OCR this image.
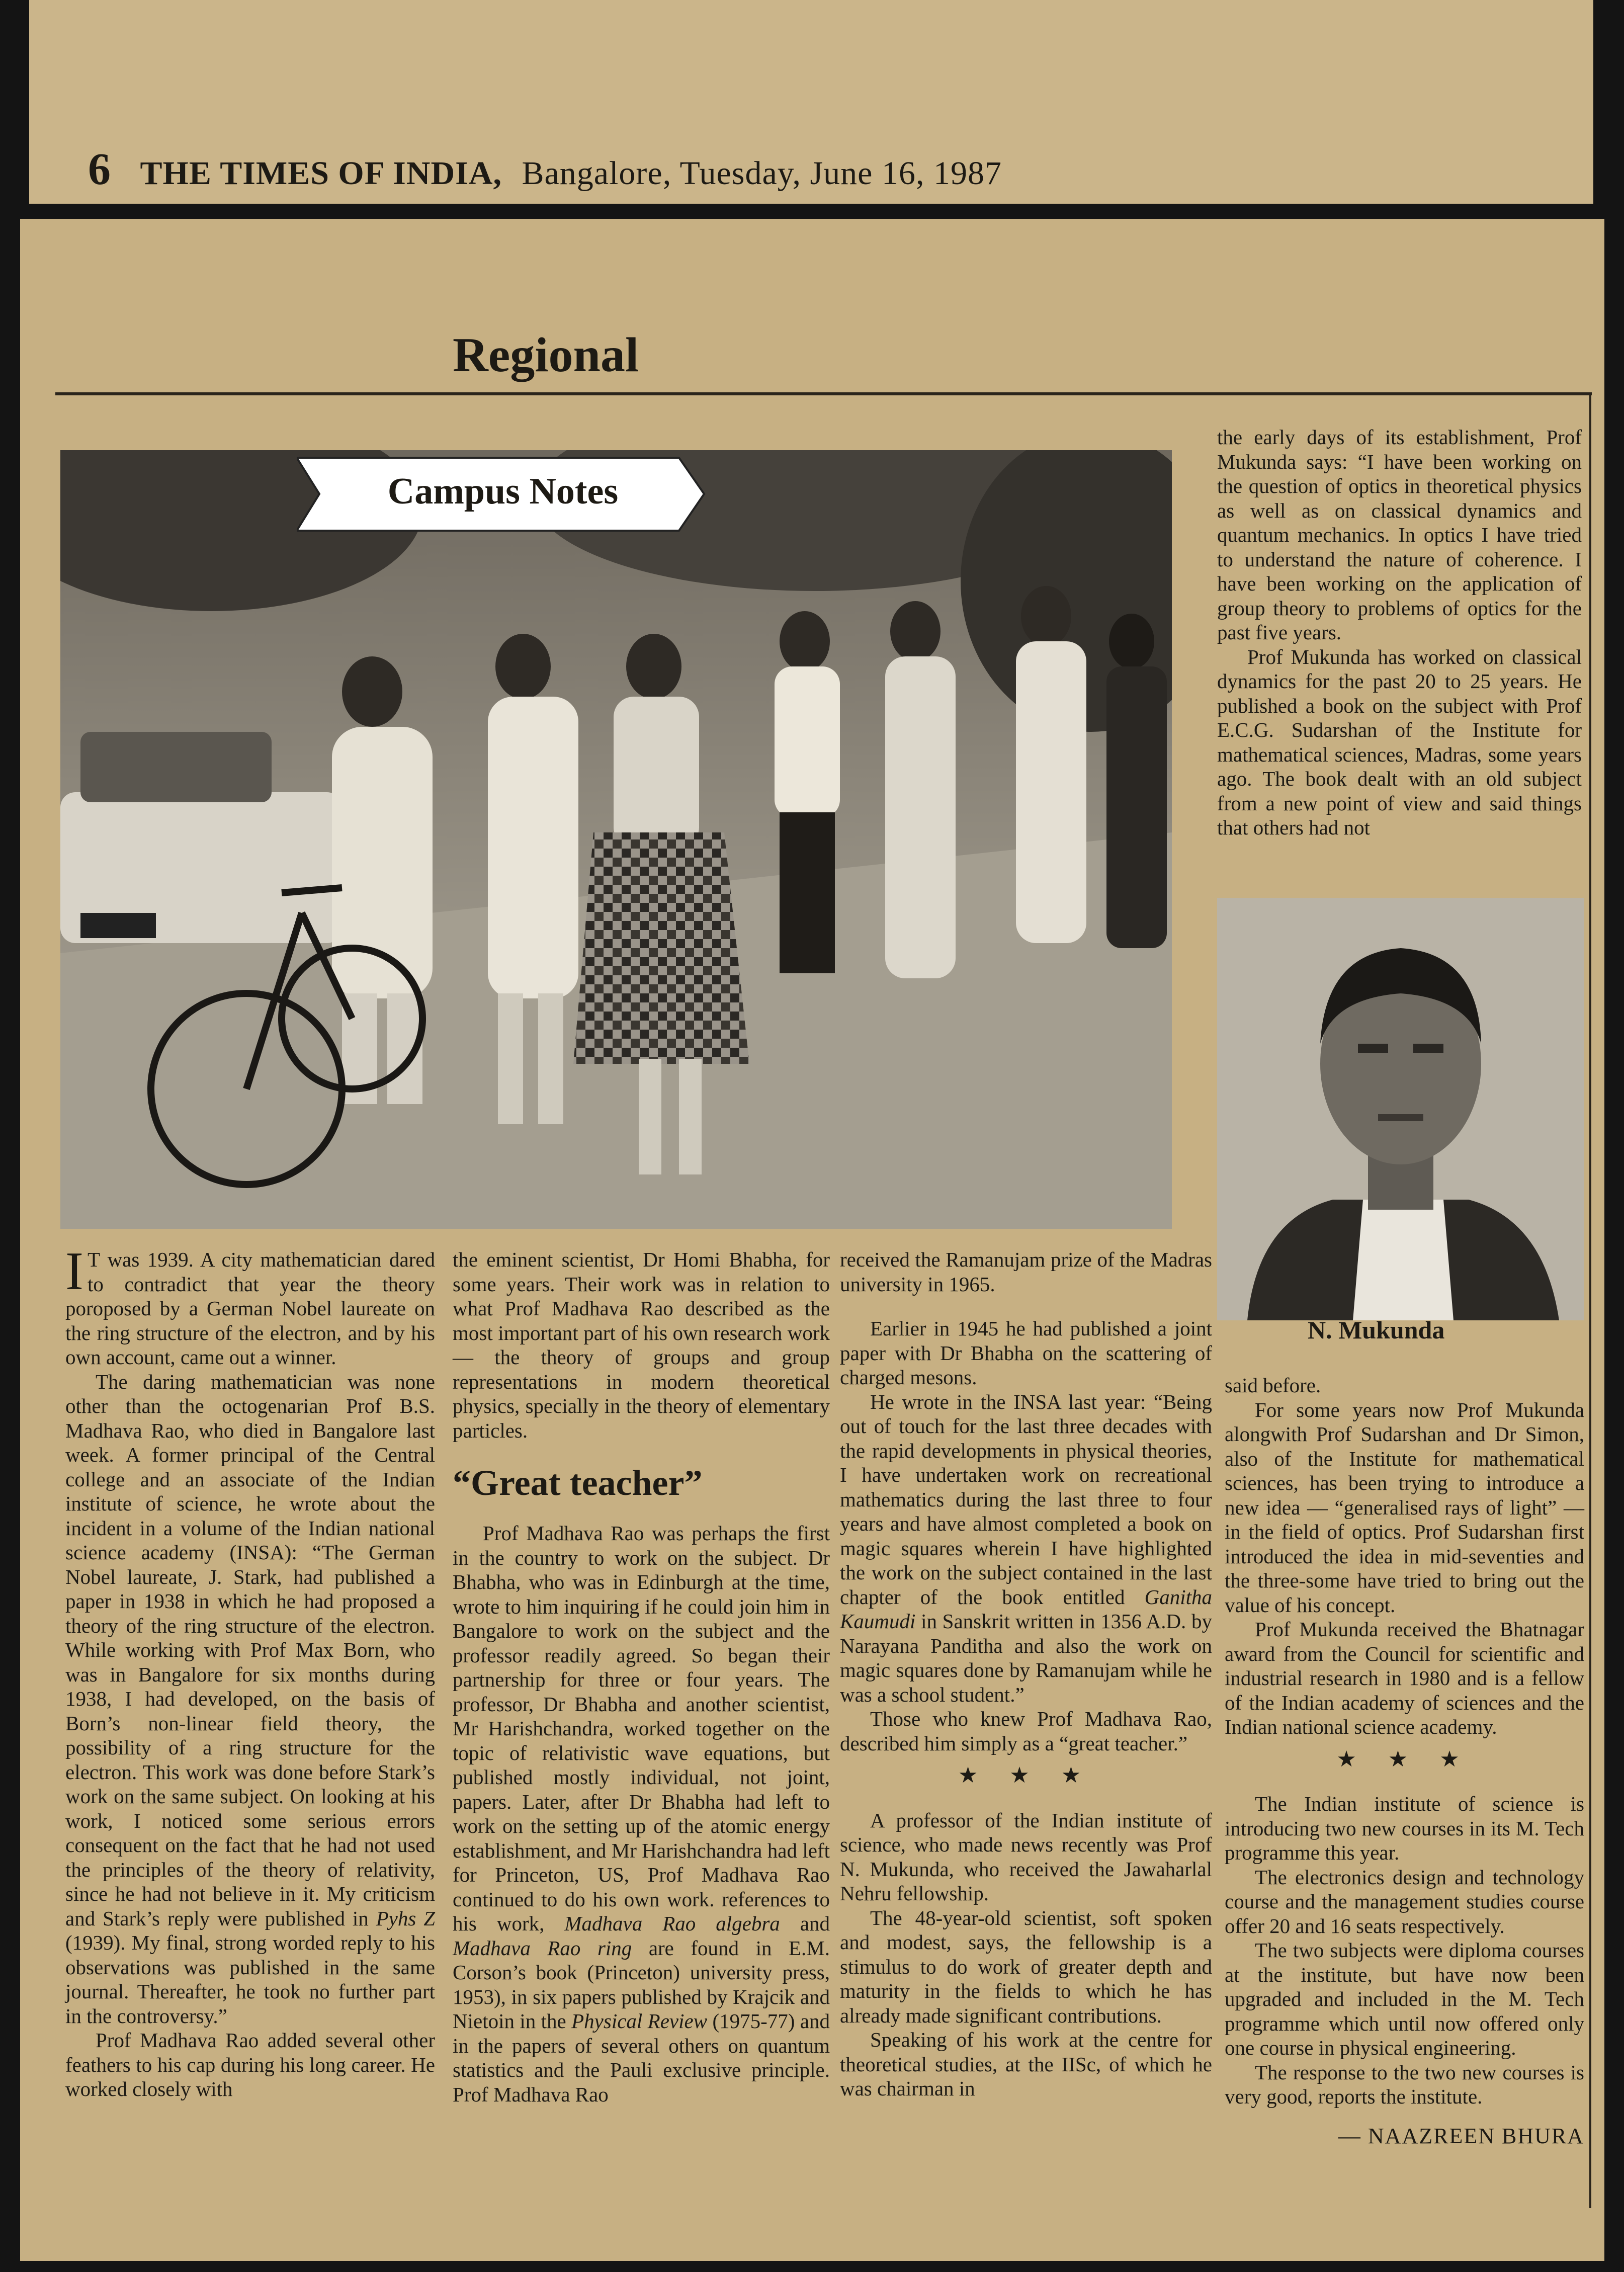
6 THE TIMES OF INDIA, Bangalore, Tuesday, June 16, 1987
Regional
Campus Notes
N. Mukunda

I T was 1939. A city mathematician dared to contradict that year the theory poroposed by a German Nobel laureate on the ring structure of the electron, and by his own account, came out a winner.

The daring mathematician was none other than the octogenarian Prof B.S. Madhava Rao, who died in Bangalore last week. A former principal of the Central college and an associate of the Indian institute of science, he wrote about the incident in a volume of the Indian national science academy (INSA): “The German Nobel laureate, J. Stark, had published a paper in 1938 in which he had proposed a theory of the ring structure of the electron. While working with Prof Max Born, who was in Bangalore for six months during 1938, I had developed, on the basis of Born’s non-linear field theory, the possibility of a ring structure for the electron. This work was done before Stark’s work on the same subject. On looking at his work, I noticed some serious errors consequent on the fact that he had not used the principles of the theory of relativity, since he had not believe in it. My criticism and Stark’s reply were published in Pyhs Z (1939). My final, strong worded reply to his observations was published in the same journal. Thereafter, he took no further part in the controversy.”

Prof Madhava Rao added several other feathers to his cap during his long career. He worked closely with

the eminent scientist, Dr Homi Bhabha, for some years. Their work was in relation to what Prof Madhava Rao described as the most important part of his own research work — the theory of groups and group representations in modern theoretical physics, specially in the theory of elementary particles.

“Great teacher”

Prof Madhava Rao was perhaps the first in the country to work on the subject. Dr Bhabha, who was in Edinburgh at the time, wrote to him inquiring if he could join him in Bangalore to work on the subject and the professor readily agreed. So began their partnership for three or four years. The professor, Dr Bhabha and another scientist, Mr Harishchandra, worked together on the topic of relativistic wave equations, but published mostly individual, not joint, papers. Later, after Dr Bhabha had left to work on the setting up of the atomic energy establishment, and Mr Harishchandra had left for Princeton, US, Prof Madhava Rao continued to do his own work. references to his work, Madhava Rao algebra and Madhava Rao ring are found in E.M. Corson’s book (Princeton) university press, 1953), in six papers published by Krajcik and Nietoin in the Physical Review (1975-77) and in the papers of several others on quantum statistics and the Pauli exclusive principle. Prof Madhava Rao

received the Ramanujam prize of the Madras university in 1965.

Earlier in 1945 he had published a joint paper with Dr Bhabha on the scattering of charged mesons.

He wrote in the INSA last year: “Being out of touch for the last three decades with the rapid developments in physical theories, I have undertaken work on recreational mathematics during the last three to four years and have almost completed a book on magic squares wherein I have highlighted the work on the subject contained in the last chapter of the book entitled Ganitha Kaumudi in Sanskrit written in 1356 A.D. by Narayana Panditha and also the work on magic squares done by Ramanujam while he was a school student.”

Those who knew Prof Madhava Rao, described him simply as a “great teacher.”

★ ★ ★

A professor of the Indian institute of science, who made news recently was Prof N. Mukunda, who received the Jawaharlal Nehru fellowship.

The 48-year-old scientist, soft spoken and modest, says, the fellowship is a stimulus to do work of greater depth and maturity in the fields to which he has already made significant contributions.

Speaking of his work at the centre for theoretical studies, at the IISc, of which he was chairman in

the early days of its establishment, Prof Mukunda says: “I have been working on the question of optics in theoretical physics as well as on classical dynamics and quantum mechanics. In optics I have tried to understand the nature of coherence. I have been working on the application of group theory to problems of optics for the past five years.

Prof Mukunda has worked on classical dynamics for the past 20 to 25 years. He published a book on the subject with Prof E.C.G. Sudarshan of the Institute for mathematical sciences, Madras, some years ago. The book dealt with an old subject from a new point of view and said things that others had not

said before.

For some years now Prof Mukunda alongwith Prof Sudarshan and Dr Simon, also of the Institute for mathematical sciences, has been trying to introduce a new idea — “generalised rays of light” — in the field of optics. Prof Sudarshan first introduced the idea in mid-seventies and the three-some have tried to bring out the value of his concept.

Prof Mukunda received the Bhatnagar award from the Council for scientific and industrial research in 1980 and is a fellow of the Indian academy of sciences and the Indian national science academy.

★ ★ ★

The Indian institute of science is introducing two new courses in its M. Tech programme this year.

The electronics design and technology course and the management studies course offer 20 and 16 seats respectively.

The two subjects were diploma courses at the institute, but have now been upgraded and included in the M. Tech programme which until now offered only one course in physical engineering.

The response to the two new courses is very good, reports the institute.

— NAAZREEN BHURA
